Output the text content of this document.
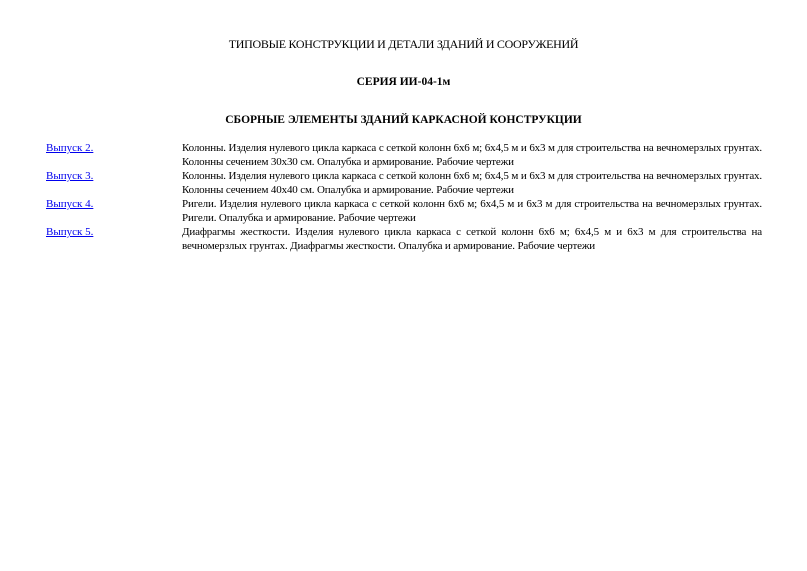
ТИПОВЫЕ КОНСТРУКЦИИ И ДЕТАЛИ ЗДАНИЙ И СООРУЖЕНИЙ
СЕРИЯ ИИ-04-1м
СБОРНЫЕ ЭЛЕМЕНТЫ ЗДАНИЙ КАРКАСНОЙ КОНСТРУКЦИИ
Выпуск 2.	Колонны. Изделия нулевого цикла каркаса с сеткой колонн 6х6 м; 6х4,5 м и 6х3 м для строительства на вечномерзлых грунтах. Колонны сечением 30х30 см. Опалубка и армирование. Рабочие чертежи
Выпуск 3.	Колонны. Изделия нулевого цикла каркаса с сеткой колонн 6х6 м; 6х4,5 м и 6х3 м для строительства на вечномерзлых грунтах. Колонны сечением 40х40 см. Опалубка и армирование. Рабочие чертежи
Выпуск 4.	Ригели. Изделия нулевого цикла каркаса с сеткой колонн 6х6 м; 6х4,5 м и 6х3 м для строительства на вечномерзлых грунтах. Ригели. Опалубка и армирование. Рабочие чертежи
Выпуск 5.	Диафрагмы жесткости. Изделия нулевого цикла каркаса с сеткой колонн 6х6 м; 6х4,5 м и 6х3 м для строительства на вечномерзлых грунтах. Диафрагмы жесткости. Опалубка и армирование. Рабочие чертежи
